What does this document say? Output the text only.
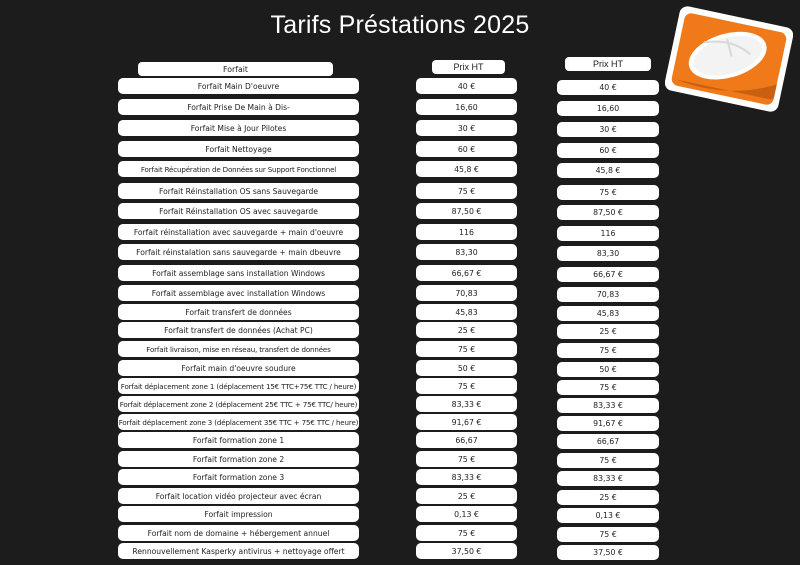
Tarifs Préstations 2025
Forfait	Prix HT	Prix HT
Forfait Main D'oeuvre	40 €	40 €
Forfait Prise De Main à Dis-	16,60	16,60
Forfait Mise à Jour Pilotes	30 €	30 €
Forfait Nettoyage	60 €	60 €
Forfait Récupération de Données sur Support Fonctionnel	45,8 €	45,8 €
Forfait Réinstallation OS sans Sauvegarde	75 €	75 €
Forfait Réinstallation OS avec sauvegarde	87,50 €	87,50 €
Forfait réinstallation avec sauvegarde + main d'oeuvre	116	116
Forfait réinstalation sans sauvegarde + main dbeuvre	83,30	83,30
Forfait assemblage sans installation Windows	66,67 €	66,67 €
Forfait assemblage avec installation Windows	70,83	70,83
Forfait transfert de données	45,83	45,83
Forfait transfert de données (Achat PC)	25 €	25 €
Forfait livraison, mise en réseau, transfert de données	75 €	75 €
Forfait main d'oeuvre soudure	50 €	50 €
Forfait déplacement zone 1 (déplacement 15€ TTC+75€ TTC / heure)	75 €	75 €
Forfait déplacement zone 2 (déplacement 25€ TTC + 75€ TTC/ heure)	83,33 €	83,33 €
Forfait déplacement zone 3 (déplacement 35€ TTC + 75€ TTC / heure)	91,67 €	91,67 €
Forfait formation zone 1	66,67	66,67
Forfait formation zone 2	75 €	75 €
Forfait formation zone 3	83,33 €	83,33 €
Forfait location vidéo projecteur avec écran	25 €	25 €
Forfait impression	0,13 €	0,13 €
Forfait nom de domaine + hébergement annuel	75 €	75 €
Rennouvellement Kasperky antivirus + nettoyage offert	37,50 €	37,50 €
